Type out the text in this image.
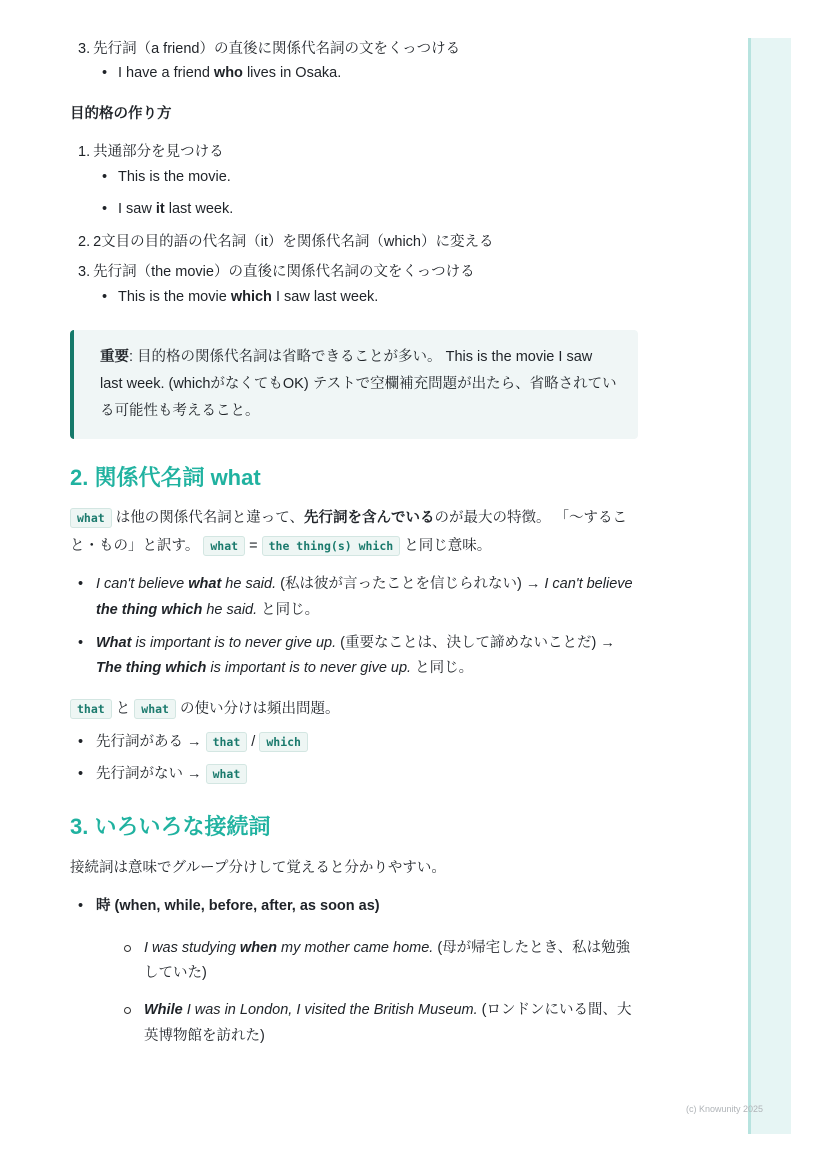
3. 先行詞（a friend）の直後に関係代名詞の文をくっつける
• I have a friend who lives in Osaka.
目的格の作り方
1. 共通部分を見つける
• This is the movie.
• I saw it last week.
2. 2文目の目的語の代名詞（it）を関係代名詞（which）に変える
3. 先行詞（the movie）の直後に関係代名詞の文をくっつける
• This is the movie which I saw last week.
重要: 目的格の関係代名詞は省略できることが多い。 This is the movie I saw last week. (whichがなくてもOK) テストで空欄補充問題が出たら、省略されている可能性も考えること。
2. 関係代名詞 what

what は他の関係代名詞と違って、先行詞を含んでいるのが最大の特徴。 「〜すること・もの」と訳す。 what = the thing(s) which と同じ意味。

• I can't believe what he said. (私は彼が言ったことを信じられない) → I can't believe the thing which he said. と同じ。
• What is important is to never give up. (重要なことは、決して諦めないことだ) → The thing which is important is to never give up. と同じ。

that と what の使い分けは頻出問題。

• 先行詞がある → that / which
• 先行詞がない → what
3. いろいろな接続詞

接続詞は意味でグループ分けして覚えると分かりやすい。

• 時 (when, while, before, after, as soon as)
I was studying when my mother came home. (母が帰宅したとき、私は勉強していた)
While I was in London, I visited the British Museum. (ロンドンにいる間、大英博物館を訪れた)
(c) Knowunity 2025
